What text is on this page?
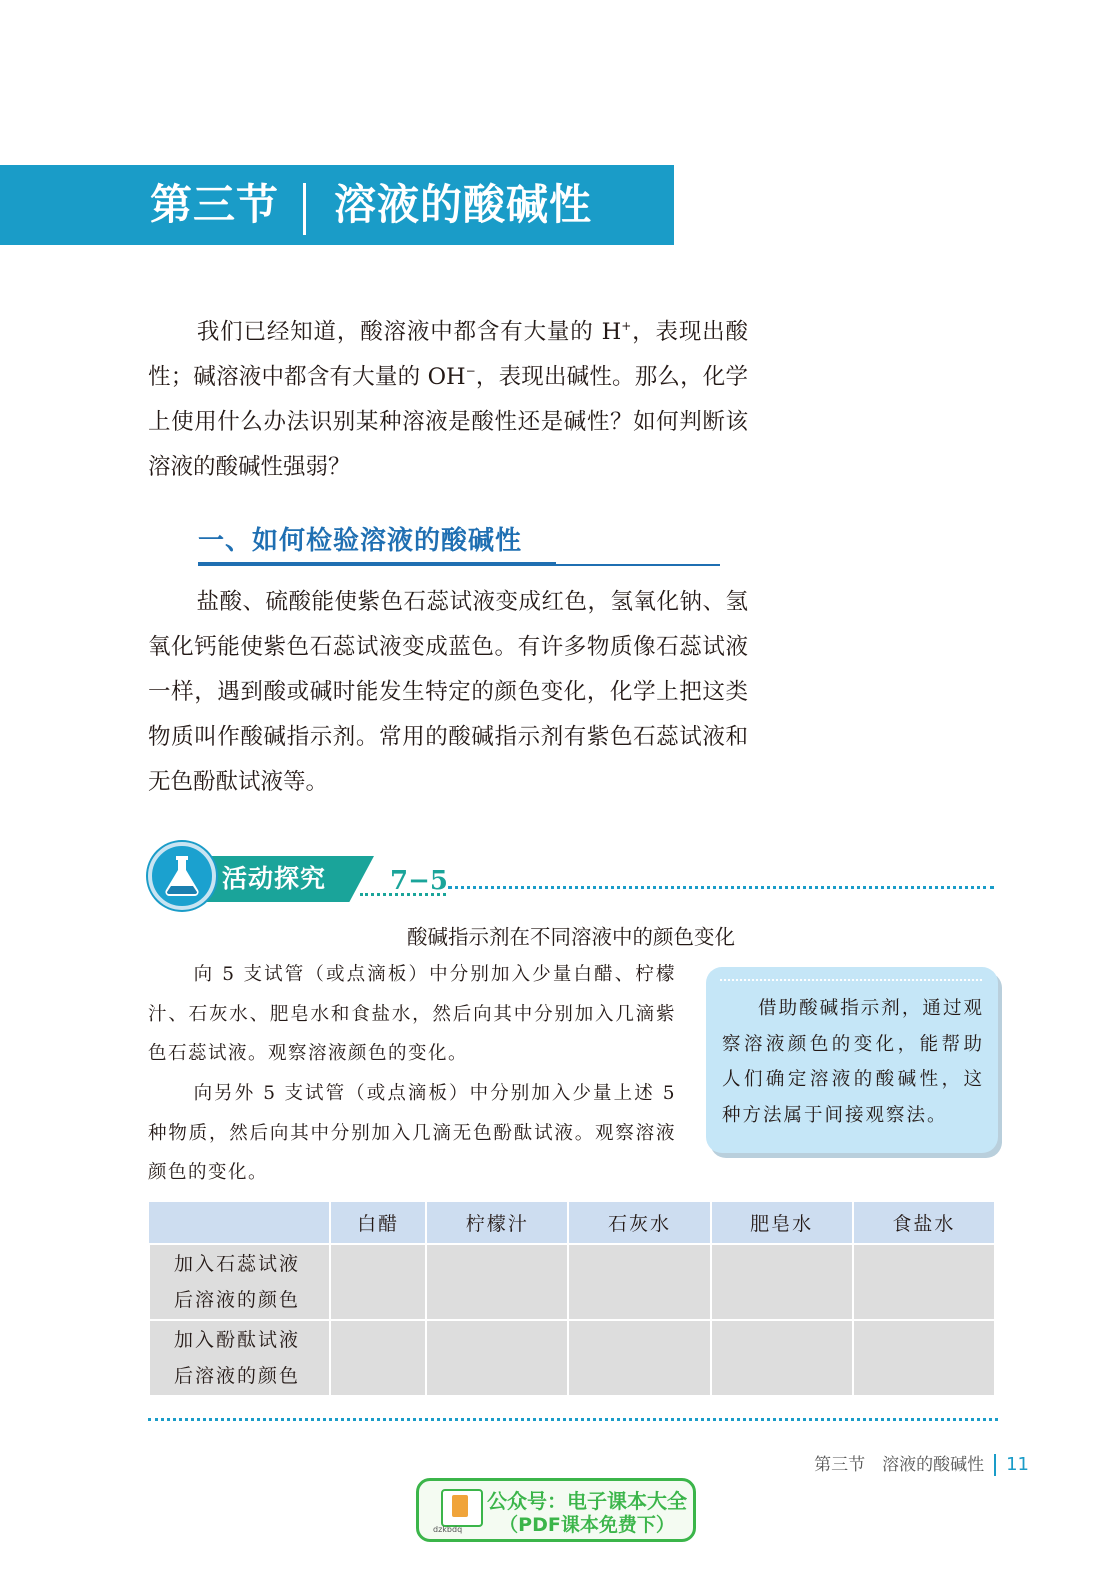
第三节 溶液的酸碱性
我们已经知道，酸溶液中都含有大量的 H+，表现出酸性；碱溶液中都含有大量的 OH−，表现出碱性。那么，化学上使用什么办法识别某种溶液是酸性还是碱性？如何判断该溶液的酸碱性强弱？
一、如何检验溶液的酸碱性
盐酸、硫酸能使紫色石蕊试液变成红色，氢氧化钠、氢氧化钙能使紫色石蕊试液变成蓝色。有许多物质像石蕊试液一样，遇到酸或碱时能发生特定的颜色变化，化学上把这类物质叫作酸碱指示剂。常用的酸碱指示剂有紫色石蕊试液和无色酚酞试液等。
活动探究 7−5
酸碱指示剂在不同溶液中的颜色变化
向 5 支试管（或点滴板）中分别加入少量白醋、柠檬汁、石灰水、肥皂水和食盐水，然后向其中分别加入几滴紫色石蕊试液。观察溶液颜色的变化。
向另外 5 支试管（或点滴板）中分别加入少量上述 5 种物质，然后向其中分别加入几滴无色酚酞试液。观察溶液颜色的变化。
借助酸碱指示剂，通过观察溶液颜色的变化，能帮助人们确定溶液的酸碱性，这种方法属于间接观察法。
	白醋	柠檬汁	石灰水	肥皂水	食盐水
加入石蕊试液
后溶液的颜色					
加入酚酞试液
后溶液的颜色					
第三节　溶液的酸碱性 11
dzkbdq
公众号：电子课本大全
（PDF课本免费下）
